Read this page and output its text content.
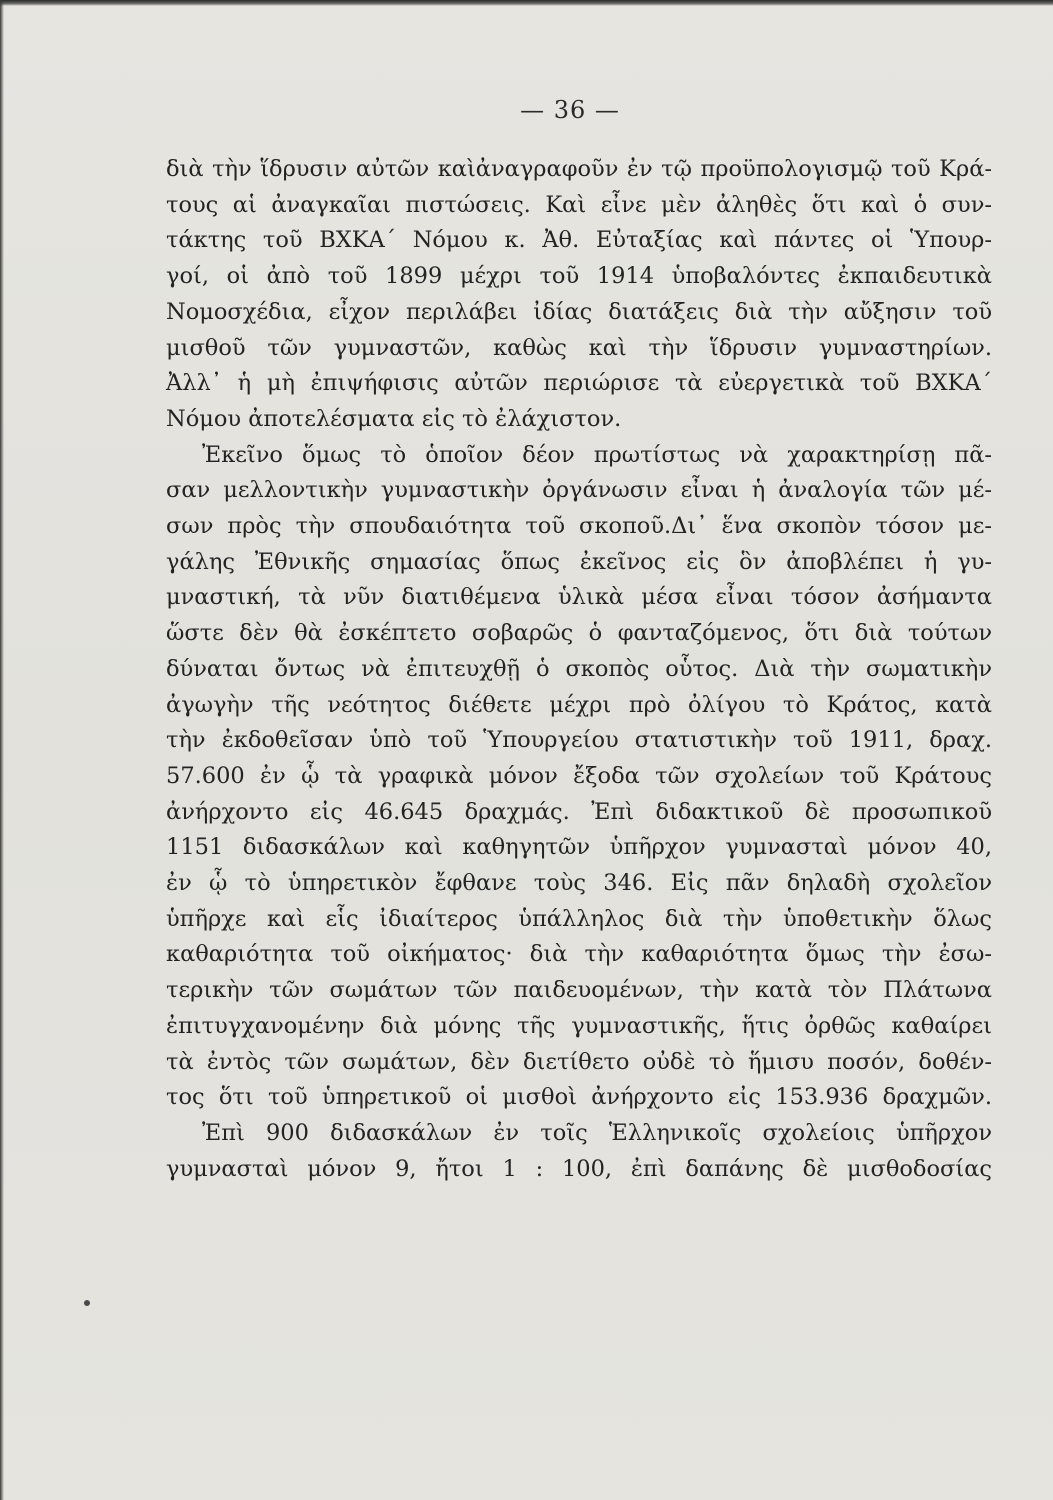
— 36 —
διὰ τὴν ἵδρυσιν αὐτῶν καὶἀναγραφοῦν ἐν τῷ προϋπολογισμῷ τοῦ Κρά-
τους αἱ ἀναγκαῖαι πιστώσεις. Καὶ εἶνε μὲν ἀληθὲς ὅτι καὶ ὁ συν-
τάκτης τοῦ ΒΧΚΑ΄ Νόμου κ. Ἀθ. Εὐταξίας καὶ πάντες οἱ Ὑπουρ-
γοί, οἱ ἀπὸ τοῦ 1899 μέχρι τοῦ 1914 ὑποβαλόντες ἐκπαιδευτικὰ
Νομοσχέδια, εἶχον περιλάβει ἰδίας διατάξεις διὰ τὴν αὔξησιν τοῦ
μισθοῦ τῶν γυμναστῶν, καθὼς καὶ τὴν ἵδρυσιν γυμναστηρίων.
Ἀλλ᾽ ἡ μὴ ἐπιψήφισις αὐτῶν περιώρισε τὰ εὐεργετικὰ τοῦ ΒΧΚΑ΄
Νόμου ἀποτελέσματα εἰς τὸ ἐλάχιστον.
Ἐκεῖνο ὅμως τὸ ὁποῖον δέον πρωτίστως νὰ χαρακτηρίσῃ πᾶ-
σαν μελλοντικὴν γυμναστικὴν ὀργάνωσιν εἶναι ἡ ἀναλογία τῶν μέ-
σων πρὸς τὴν σπουδαιότητα τοῦ σκοποῦ.Δι᾽ ἕνα σκοπὸν τόσον με-
γάλης Ἐθνικῆς σημασίας ὅπως ἐκεῖνος εἰς ὃν ἀποβλέπει ἡ γυ-
μναστική, τὰ νῦν διατιθέμενα ὑλικὰ μέσα εἶναι τόσον ἀσήμαντα
ὥστε δὲν θὰ ἐσκέπτετο σοβαρῶς ὁ φανταζόμενος, ὅτι διὰ τούτων
δύναται ὄντως νὰ ἐπιτευχθῇ ὁ σκοπὸς οὗτος. Διὰ τὴν σωματικὴν
ἀγωγὴν τῆς νεότητος διέθετε μέχρι πρὸ ὀλίγου τὸ Κράτος, κατὰ
τὴν ἐκδοθεῖσαν ὑπὸ τοῦ Ὑπουργείου στατιστικὴν τοῦ 1911, δραχ.
57.600 ἐν ᾧ τὰ γραφικὰ μόνον ἔξοδα τῶν σχολείων τοῦ Κράτους
ἀνήρχοντο εἰς 46.645 δραχμάς. Ἐπὶ διδακτικοῦ δὲ προσωπικοῦ
1151 διδασκάλων καὶ καθηγητῶν ὑπῆρχον γυμνασταὶ μόνον 40,
ἐν ᾧ τὸ ὑπηρετικὸν ἔφθανε τοὺς 346. Εἰς πᾶν δηλαδὴ σχολεῖον
ὑπῆρχε καὶ εἷς ἰδιαίτερος ὑπάλληλος διὰ τὴν ὑποθετικὴν ὅλως
καθαριότητα τοῦ οἰκήματος· διὰ τὴν καθαριότητα ὅμως τὴν ἐσω-
τερικὴν τῶν σωμάτων τῶν παιδευομένων, τὴν κατὰ τὸν Πλάτωνα
ἐπιτυγχανομένην διὰ μόνης τῆς γυμναστικῆς, ἥτις ὀρθῶς καθαίρει
τὰ ἐντὸς τῶν σωμάτων, δὲν διετίθετο οὐδὲ τὸ ἥμισυ ποσόν, δοθέν-
τος ὅτι τοῦ ὑπηρετικοῦ οἱ μισθοὶ ἀνήρχοντο εἰς 153.936 δραχμῶν.
Ἐπὶ 900 διδασκάλων ἐν τοῖς Ἑλληνικοῖς σχολείοις ὑπῆρχον
γυμνασταὶ μόνον 9, ἤτοι 1 : 100, ἐπὶ δαπάνης δὲ μισθοδοσίας
